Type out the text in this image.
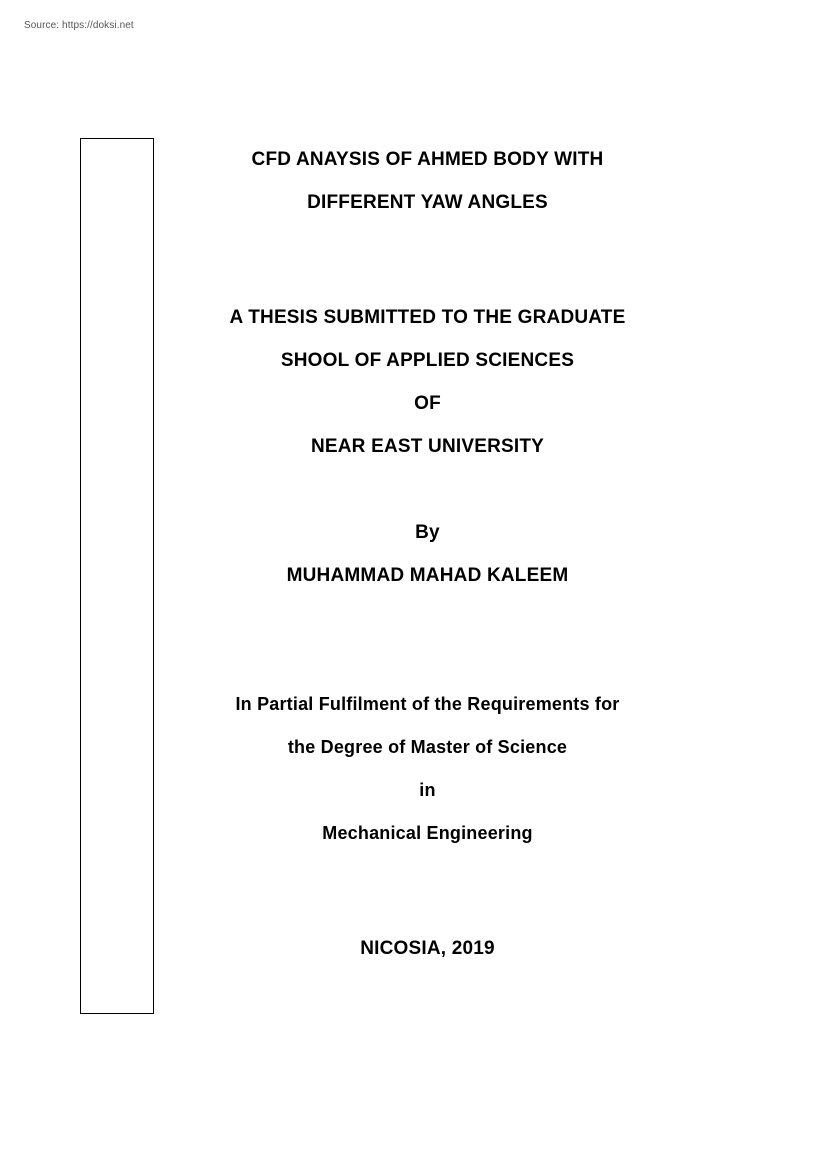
Source: https://doksi.net
CFD ANAYSIS OF AHMED BODY WITH
DIFFERENT YAW ANGLES
A THESIS SUBMITTED TO THE GRADUATE
SHOOL OF APPLIED SCIENCES
OF
NEAR EAST UNIVERSITY
By
MUHAMMAD MAHAD KALEEM
In Partial Fulfilment of the Requirements for
the Degree of Master of Science
in
Mechanical Engineering
NICOSIA, 2019
